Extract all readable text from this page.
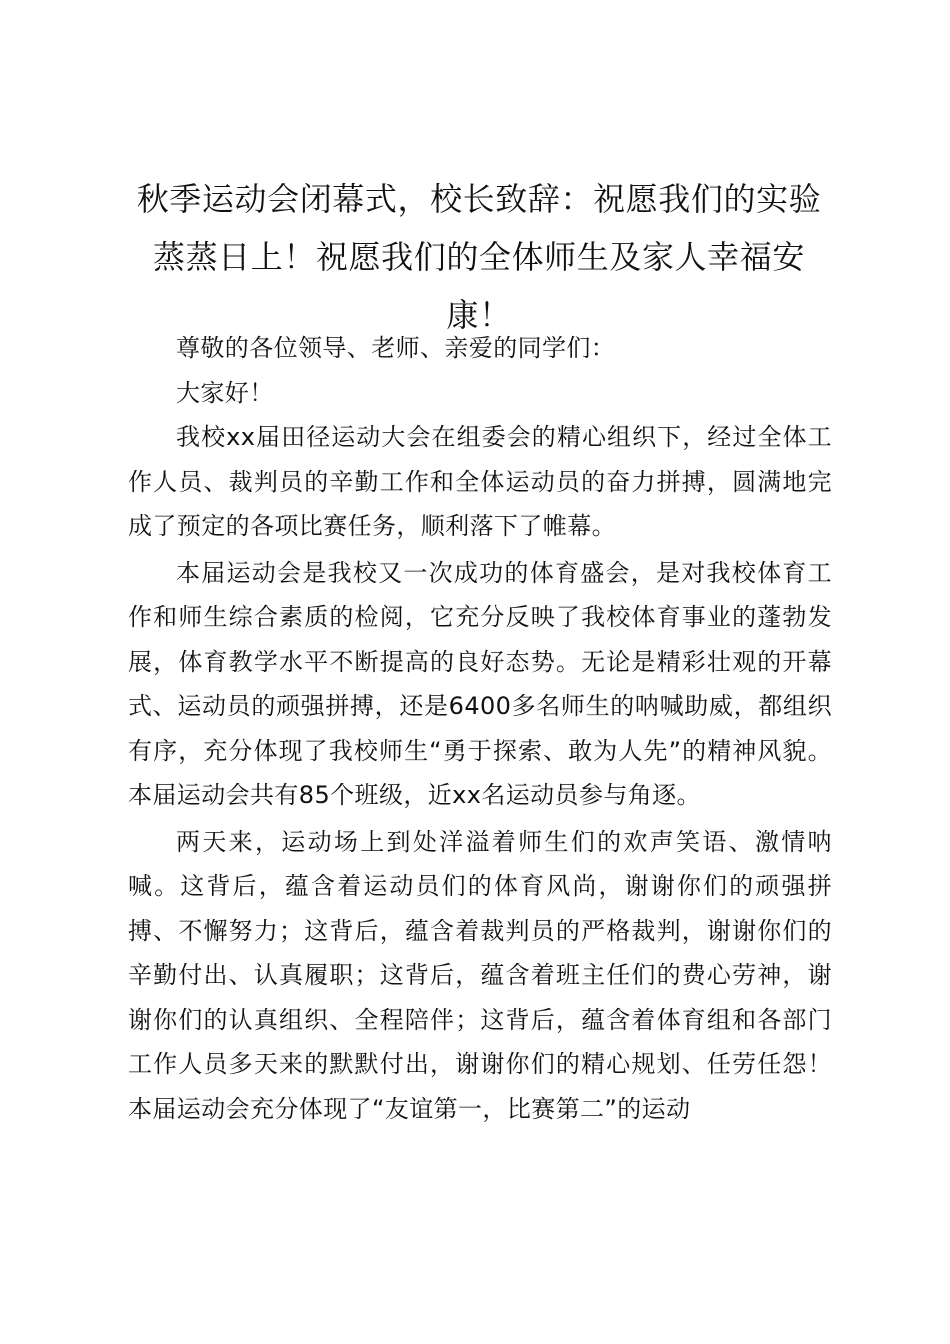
秋季运动会闭幕式，校长致辞：祝愿我们的实验蒸蒸日上！祝愿我们的全体师生及家人幸福安康！

尊敬的各位领导、老师、亲爱的同学们：

大家好！

我校xx届田径运动大会在组委会的精心组织下，经过全体工作人员、裁判员的辛勤工作和全体运动员的奋力拼搏，圆满地完成了预定的各项比赛任务，顺利落下了帷幕。

本届运动会是我校又一次成功的体育盛会，是对我校体育工作和师生综合素质的检阅，它充分反映了我校体育事业的蓬勃发展，体育教学水平不断提高的良好态势。无论是精彩壮观的开幕式、运动员的顽强拼搏，还是6400多名师生的呐喊助威，都组织有序，充分体现了我校师生“勇于探索、敢为人先”的精神风貌。本届运动会共有85个班级，近xx名运动员参与角逐。

两天来，运动场上到处洋溢着师生们的欢声笑语、激情呐喊。这背后，蕴含着运动员们的体育风尚，谢谢你们的顽强拼搏、不懈努力；这背后，蕴含着裁判员的严格裁判，谢谢你们的辛勤付出、认真履职；这背后，蕴含着班主任们的费心劳神，谢谢你们的认真组织、全程陪伴；这背后，蕴含着体育组和各部门工作人员多天来的默默付出，谢谢你们的精心规划、任劳任怨！本届运动会充分体现了“友谊第一，比赛第二”的运动
